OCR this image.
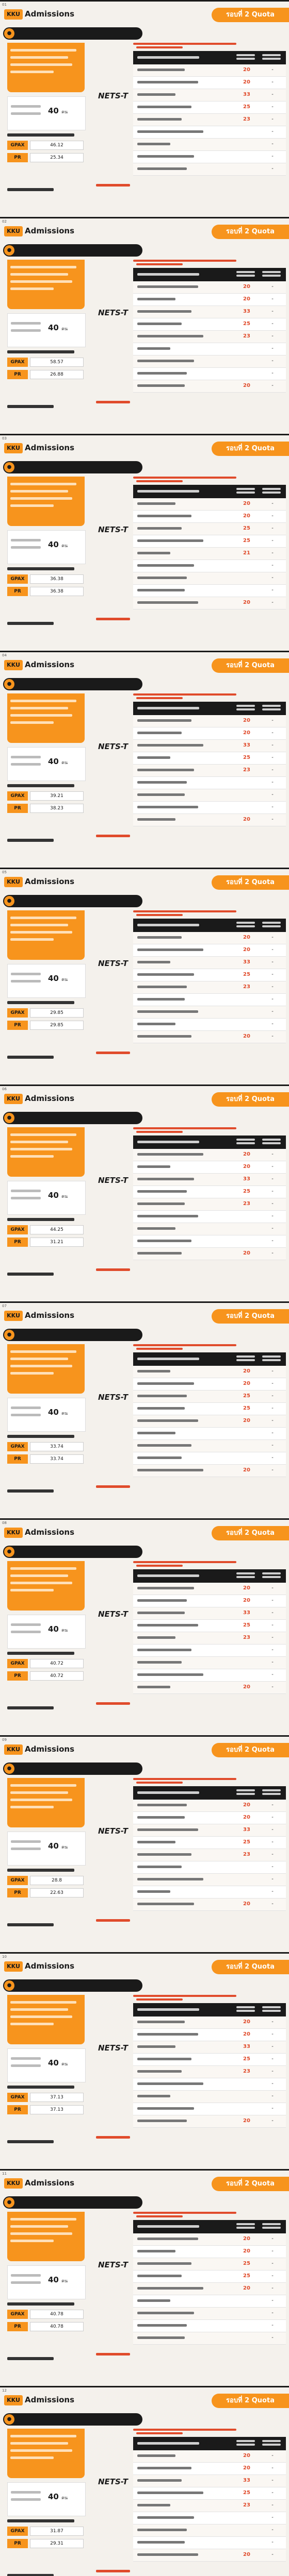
01
KKU Admissions	รอบที่ 2 Quota
●
40 คน
GPAX	46.12
PR	25.34
NETS-T
20	-
20	-
33	-
25	-
23	-
-
-
-
-
02
KKU Admissions	รอบที่ 2 Quota
●
40 คน
GPAX	58.57
PR	26.88
NETS-T
20	-
20	-
33	-
25	-
23	-
-
-
-
20	-
03
KKU Admissions	รอบที่ 2 Quota
●
40 คน
GPAX	36.38
PR	36.38
NETS-T
20	-
20	-
25	-
25	-
21	-
-
-
-
20	-
04
KKU Admissions	รอบที่ 2 Quota
●
40 คน
GPAX	39.21
PR	38.23
NETS-T
20	-
20	-
33	-
25	-
23	-
-
-
-
20	-
05
KKU Admissions	รอบที่ 2 Quota
●
40 คน
GPAX	29.85
PR	29.85
NETS-T
20	-
20	-
33	-
25	-
23	-
-
-
-
20	-
06
KKU Admissions	รอบที่ 2 Quota
●
40 คน
GPAX	44.25
PR	31.21
NETS-T
20	-
20	-
33	-
25	-
23	-
-
-
-
20	-
07
KKU Admissions	รอบที่ 2 Quota
●
40 คน
GPAX	33.74
PR	33.74
NETS-T
20	-
20	-
25	-
25	-
20	-
-
-
-
20	-
08
KKU Admissions	รอบที่ 2 Quota
●
40 คน
GPAX	40.72
PR	40.72
NETS-T
20	-
20	-
33	-
25	-
23	-
-
-
-
20	-
09
KKU Admissions	รอบที่ 2 Quota
●
40 คน
GPAX	28.8
PR	22.63
NETS-T
20	-
20	-
33	-
25	-
23	-
-
-
-
20	-
10
KKU Admissions	รอบที่ 2 Quota
●
40 คน
GPAX	37.13
PR	37.13
NETS-T
20	-
20	-
33	-
25	-
23	-
-
-
-
20	-
11
KKU Admissions	รอบที่ 2 Quota
●
40 คน
GPAX	40.78
PR	40.78
NETS-T
20	-
20	-
25	-
25	-
20	-
-
-
-
-
12
KKU Admissions	รอบที่ 2 Quota
●
40 คน
GPAX	31.87
PR	29.31
NETS-T
20	-
20	-
33	-
25	-
23	-
-
-
-
20	-
